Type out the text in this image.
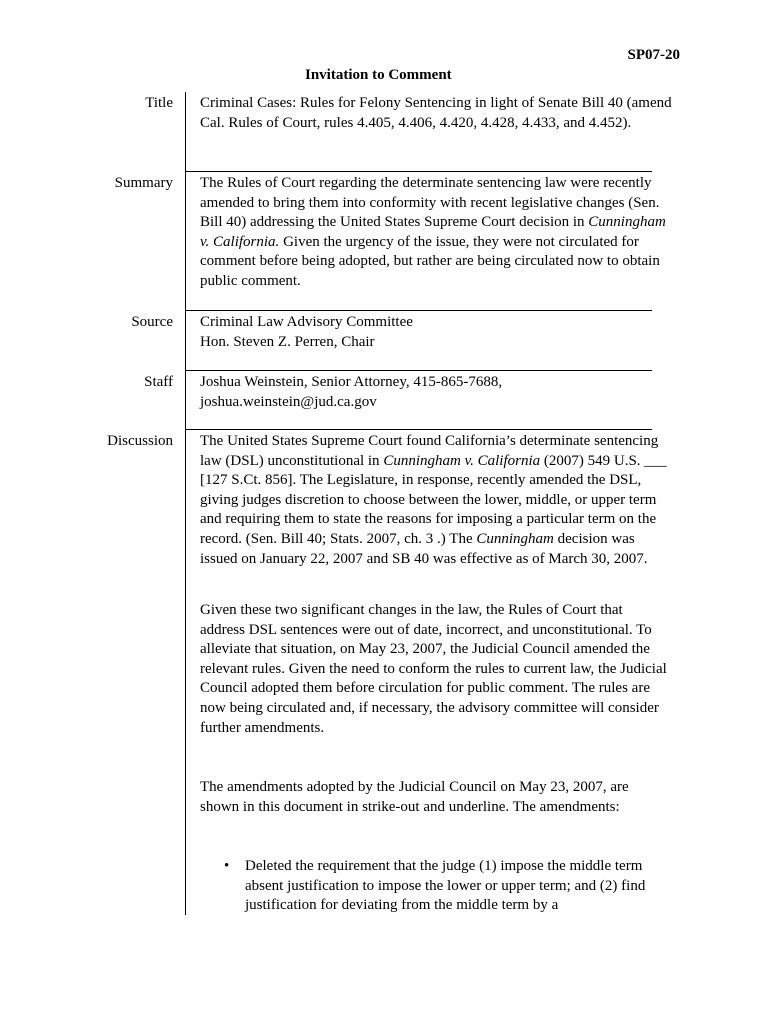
SP07-20
Invitation to Comment
Title Criminal Cases: Rules for Felony Sentencing in light of Senate Bill 40 (amend Cal. Rules of Court, rules 4.405, 4.406, 4.420, 4.428, 4.433, and 4.452).
Summary The Rules of Court regarding the determinate sentencing law were recently amended to bring them into conformity with recent legislative changes (Sen. Bill 40) addressing the United States Supreme Court decision in Cunningham v. California. Given the urgency of the issue, they were not circulated for comment before being adopted, but rather are being circulated now to obtain public comment.
Source Criminal Law Advisory Committee

Hon. Steven Z. Perren, Chair

Staff Joshua Weinstein, Senior Attorney, 415-865-7688,

joshua.weinstein@jud.ca.gov

Discussion The United States Supreme Court found California’s determinate sentencing law (DSL) unconstitutional in Cunningham v. California (2007) 549 U.S. ___ [127 S.Ct. 856]. The Legislature, in response, recently amended the DSL, giving judges discretion to choose between the lower, middle, or upper term and requiring them to state the reasons for imposing a particular term on the record. (Sen. Bill 40; Stats. 2007, ch. 3 .) The Cunningham decision was issued on January 22, 2007 and SB 40 was effective as of March 30, 2007.
Given these two significant changes in the law, the Rules of Court that address DSL sentences were out of date, incorrect, and unconstitutional. To alleviate that situation, on May 23, 2007, the Judicial Council amended the relevant rules. Given the need to conform the rules to current law, the Judicial Council adopted them before circulation for public comment. The rules are now being circulated and, if necessary, the advisory committee will consider further amendments.
The amendments adopted by the Judicial Council on May 23, 2007, are shown in this document in strike-out and underline. The amendments:
• Deleted the requirement that the judge (1) impose the middle term absent justification to impose the lower or upper term; and (2) find justification for deviating from the middle term by a
